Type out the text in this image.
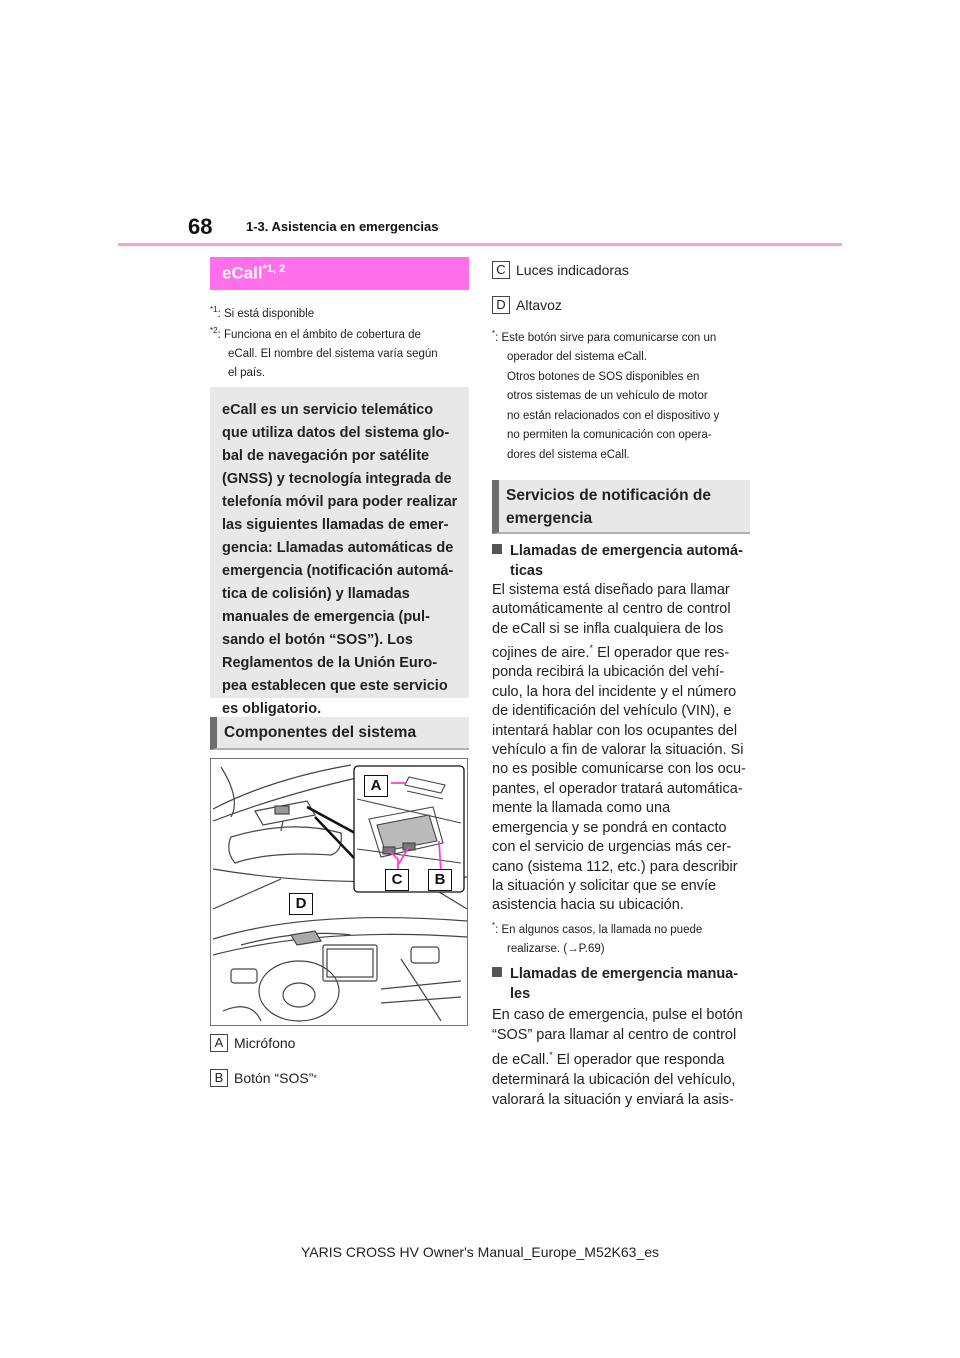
68	1-3. Asistencia en emergencias
eCall$^{*1, 2}$
$^{*1}$: Si está disponible
$^{*2}$: Funciona en el ámbito de cobertura de
eCall. El nombre del sistema varía según
el país.

eCall es un servicio telemático
que utiliza datos del sistema glo-
bal de navegación por satélite
(GNSS) y tecnología integrada de
telefonía móvil para poder realizar
las siguientes llamadas de emer-
gencia: Llamadas automáticas de
emergencia (notificación automá-
tica de colisión) y llamadas
manuales de emergencia (pul-
sando el botón “SOS”). Los
Reglamentos de la Unión Euro-
pea establecen que este servicio
es obligatorio.

Componentes del sistema
A
C	B
D
A Micrófono
B Botón “SOS” *
C Luces indicadoras
D Altavoz
*: Este botón sirve para comunicarse con un
operador del sistema eCall.
Otros botones de SOS disponibles en
otros sistemas de un vehículo de motor
no están relacionados con el dispositivo y
no permiten la comunicación con opera-
dores del sistema eCall.
Servicios de notificación de
emergencia
Llamadas de emergencia automá-
ticas
El sistema está diseñado para llamar
automáticamente al centro de control
de eCall si se infla cualquiera de los
cojines de aire.* El operador que res-
ponda recibirá la ubicación del vehí-
culo, la hora del incidente y el número
de identificación del vehículo (VIN), e
intentará hablar con los ocupantes del
vehículo a fin de valorar la situación. Si
no es posible comunicarse con los ocu-
pantes, el operador tratará automática-
mente la llamada como una
emergencia y se pondrá en contacto
con el servicio de urgencias más cer-
cano (sistema 112, etc.) para describir
la situación y solicitar que se envíe
asistencia hacia su ubicación.
*: En algunos casos, la llamada no puede
realizarse. (→P.69)
Llamadas de emergencia manua-
les
En caso de emergencia, pulse el botón
“SOS” para llamar al centro de control
de eCall.* El operador que responda
determinará la ubicación del vehículo,
valorará la situación y enviará la asis-
YARIS CROSS HV Owner's Manual_Europe_M52K63_es
